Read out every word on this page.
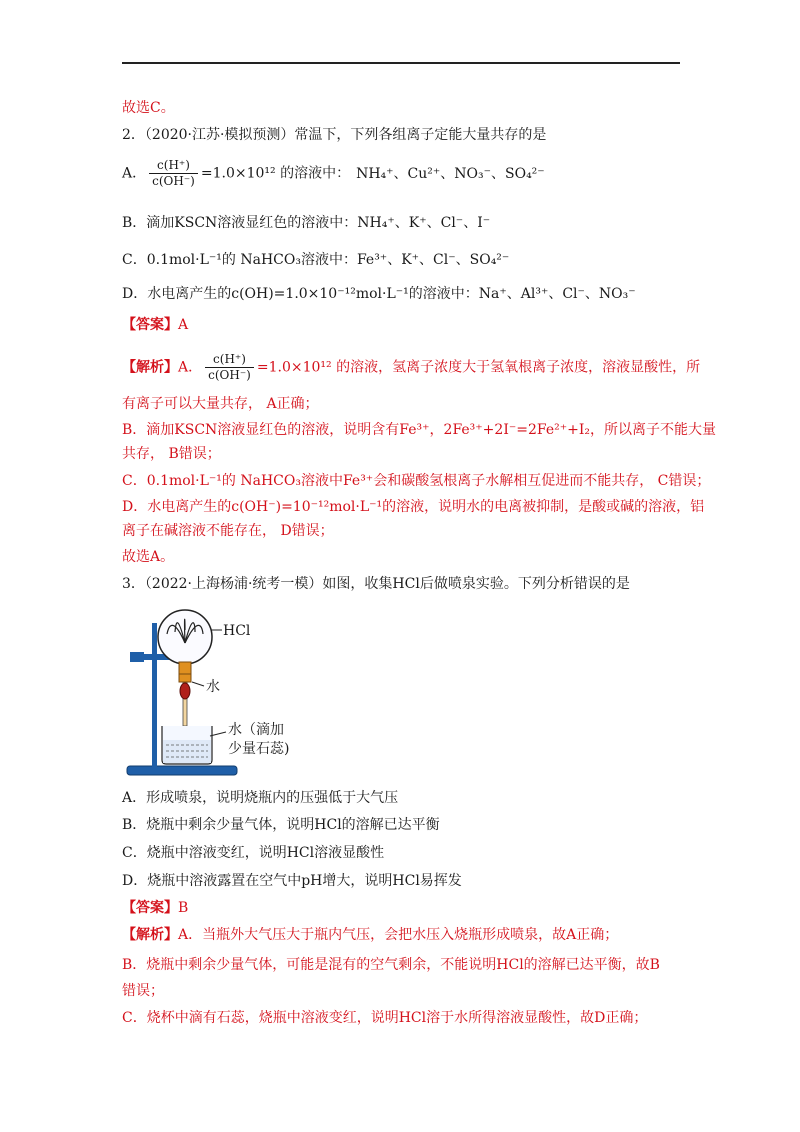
故选C。
2．（2020·江苏·模拟预测）常温下，下列各组离子定能大量共存的是
A． $\frac{c(H^+)}{c(OH^-)} =1.0\times 10^{12}$ 的溶液中： NH₄⁺、Cu²⁺、NO₃⁻、SO₄²⁻
B．滴加KSCN溶液显红色的溶液中：NH₄⁺、K⁺、Cl⁻、I⁻
C．0.1mol·L⁻¹的 NaHCO₃溶液中：Fe³⁺、K⁺、Cl⁻、SO₄²⁻
D．水电离产生的c(OH)=1.0×10⁻¹²mol·L⁻¹的溶液中：Na⁺、Al³⁺、Cl⁻、NO₃⁻
【答案】A
【解析】A． $\frac{c(H^+)}{c(OH^-)} =1.0\times 10^{12}$ 的溶液，氢离子浓度大于氢氧根离子浓度，溶液显酸性，所
有离子可以大量共存， A正确；
B．滴加KSCN溶液显红色的溶液，说明含有Fe³⁺，2Fe³⁺+2I⁻=2Fe²⁺+I₂，所以离子不能大量
共存， B错误；
C．0.1mol·L⁻¹的 NaHCO₃溶液中Fe³⁺会和碳酸氢根离子水解相互促进而不能共存， C错误；
D．水电离产生的c(OH⁻)=10⁻¹²mol·L⁻¹的溶液，说明水的电离被抑制，是酸或碱的溶液，铝
离子在碱溶液不能存在， D错误；
故选A。
3．（2022·上海杨浦·统考一模）如图，收集HCl后做喷泉实验。下列分析错误的是
HCl
水
水（滴加
少量石蕊)
A．形成喷泉，说明烧瓶内的压强低于大气压
B．烧瓶中剩余少量气体，说明HCl的溶解已达平衡
C．烧瓶中溶液变红，说明HCl溶液显酸性
D．烧瓶中溶液露置在空气中pH增大，说明HCl易挥发
【答案】B
【解析】A．当瓶外大气压大于瓶内气压，会把水压入烧瓶形成喷泉，故A正确；
B．烧瓶中剩余少量气体，可能是混有的空气剩余，不能说明HCl的溶解已达平衡，故B
错误；
C．烧杯中滴有石蕊，烧瓶中溶液变红，说明HCl溶于水所得溶液显酸性，故D正确；
